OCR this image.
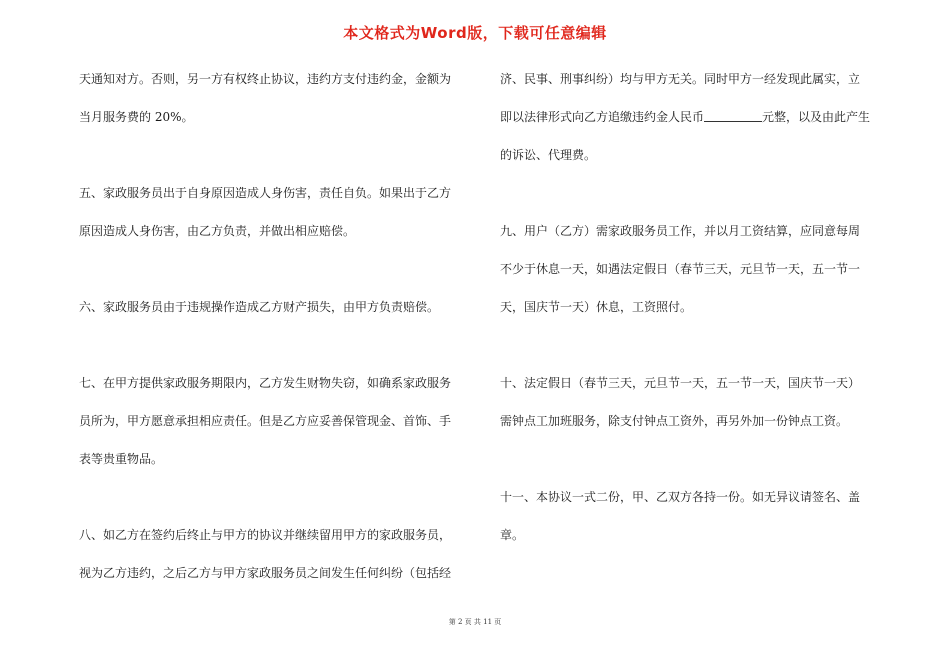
本文格式为Word版，下载可任意编辑

天通知对方。否则，另一方有权终止协议，违约方支付违约金，金额为
当月服务费的 20%。

五、家政服务员出于自身原因造成人身伤害，责任自负。如果出于乙方
原因造成人身伤害，由乙方负责，并做出相应赔偿。

六、家政服务员由于违规操作造成乙方财产损失，由甲方负责赔偿。

七、在甲方提供家政服务期限内，乙方发生财物失窃，如确系家政服务
员所为，甲方愿意承担相应责任。但是乙方应妥善保管现金、首饰、手
表等贵重物品。

八、如乙方在签约后终止与甲方的协议并继续留用甲方的家政服务员，
视为乙方违约，之后乙方与甲方家政服务员之间发生任何纠纷（包括经

济、民事、刑事纠纷）均与甲方无关。同时甲方一经发现此属实，立
即以法律形式向乙方追缴违约金人民币	元整，以及由此产生
的诉讼、代理费。

九、用户（乙方）需家政服务员工作，并以月工资结算，应同意每周
不少于休息一天，如遇法定假日（春节三天，元旦节一天，五一节一
天，国庆节一天）休息，工资照付。

十、法定假日（春节三天，元旦节一天，五一节一天，国庆节一天）
需钟点工加班服务，除支付钟点工资外，再另外加一份钟点工资。

十一、本协议一式二份，甲、乙双方各持一份。如无异议请签名、盖
章。

第 2 页 共 11 页
